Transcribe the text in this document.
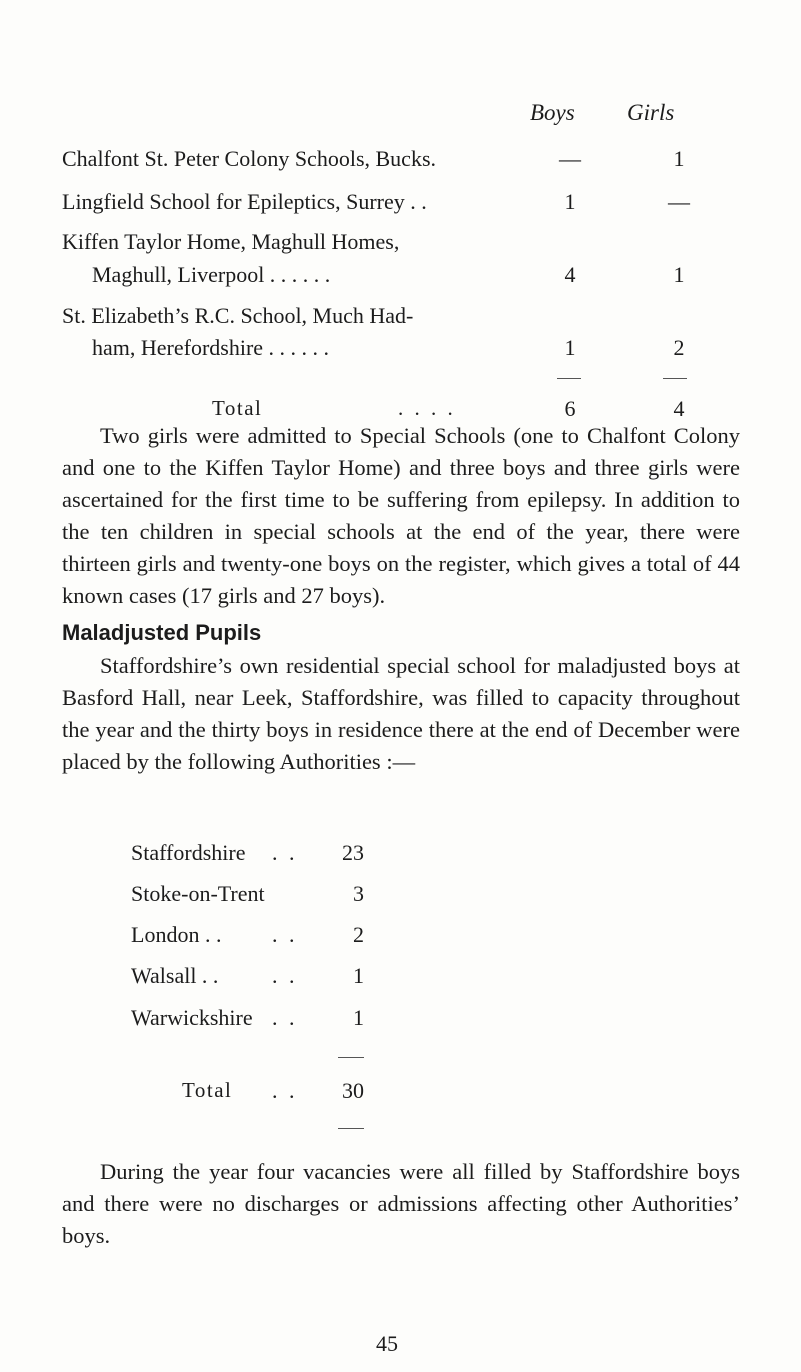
Boys Girls
Chalfont St. Peter Colony Schools, Bucks.	—	1
Lingfield School for Epileptics, Surrey . .	1	—
Kiffen Taylor Home, Maghull Homes,
Maghull, Liverpool . . . . . .	4	1
St. Elizabeth’s R.C. School, Much Had-
ham, Herefordshire . . . . . .	1	2
Total	. . . .	6	4
Two girls were admitted to Special Schools (one to Chalfont Colony and one to the Kiffen Taylor Home) and three boys and three girls were ascertained for the first time to be suffering from epilepsy. In addition to the ten children in special schools at the end of the year, there were thirteen girls and twenty-one boys on the register, which gives a total of 44 known cases (17 girls and 27 boys).
Maladjusted Pupils
Staffordshire’s own residential special school for maladjusted boys at Basford Hall, near Leek, Staffordshire, was filled to capacity throughout the year and the thirty boys in residence there at the end of December were placed by the following Authorities :—
Staffordshire . .	23
Stoke-on-Trent	3
London . . . .	2
Walsall . . . .	1
Warwickshire . .	1
Total . .	30
During the year four vacancies were all filled by Staffordshire boys and there were no discharges or admissions affecting other Authorities’ boys.
45
